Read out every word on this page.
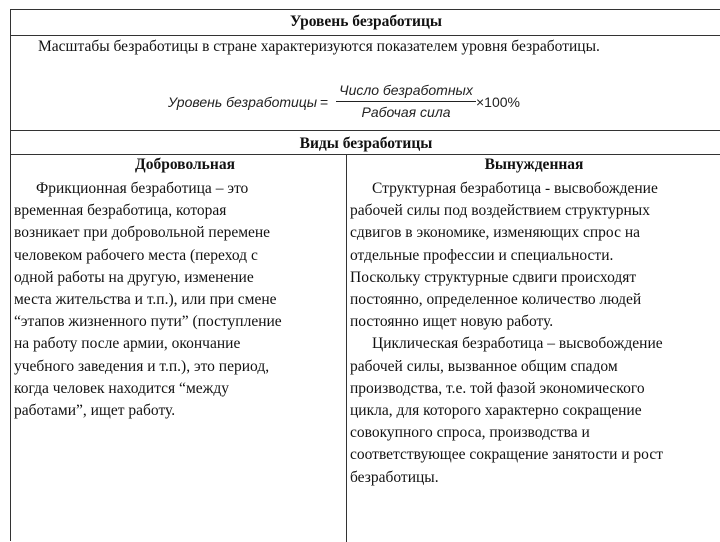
Уровень безработицы
Масштабы безработицы в стране характеризуются показателем уровня безработицы.
Уровень безработицы =
Число безработных
Рабочая сила
×100%
Виды безработицы
Добровольная	Вынужденная
Фрикционная безработица – это
временная безработица, которая
возникает при добровольной перемене
человеком рабочего места (переход с
одной работы на другую, изменение
места жительства и т.п.), или при смене
“этапов жизненного пути” (поступление
на работу после армии, окончание
учебного заведения и т.п.), это период,
когда человек находится “между
работами”, ищет работу.
Структурная безработица - высвобождение
рабочей силы под воздействием структурных
сдвигов в экономике, изменяющих спрос на
отдельные профессии и специальности.
Поскольку структурные сдвиги происходят
постоянно, определенное количество людей
постоянно ищет новую работу.
Циклическая безработица – высвобождение
рабочей силы, вызванное общим спадом
производства, т.е. той фазой экономического
цикла, для которого характерно сокращение
совокупного спроса, производства и
соответствующее сокращение занятости и рост
безработицы.
